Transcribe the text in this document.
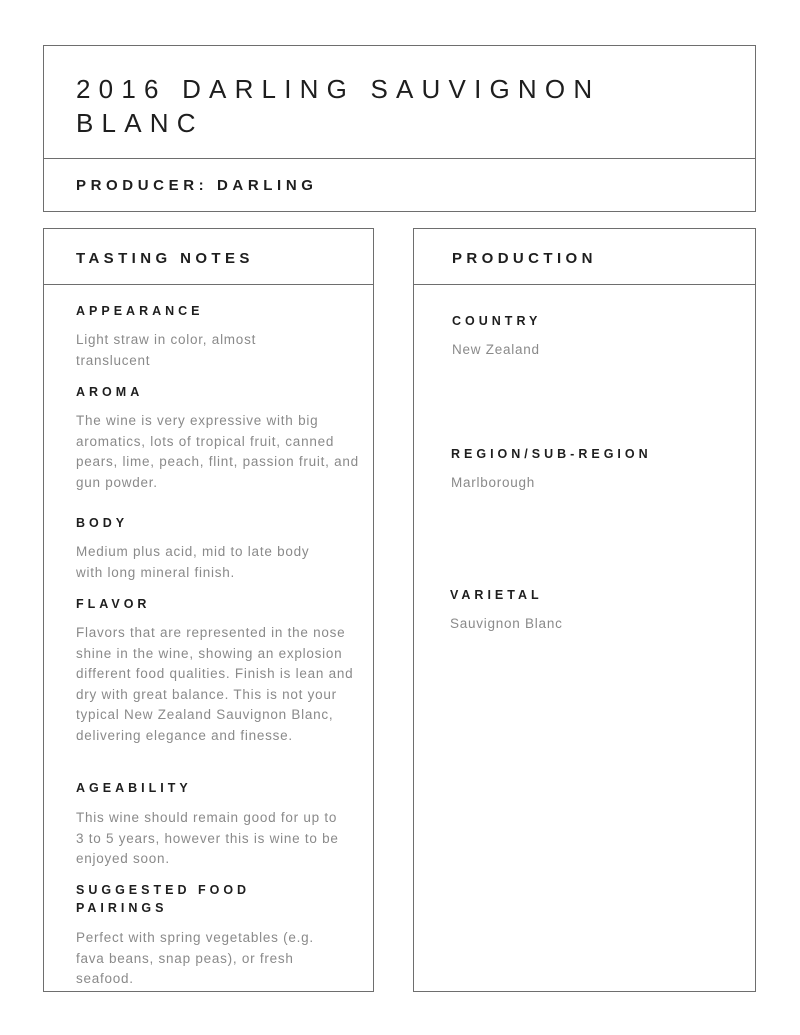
2016 DARLING SAUVIGNON BLANC
PRODUCER: DARLING
TASTING NOTES
APPEARANCE

Light straw in color, almost translucent

AROMA

The wine is very expressive with big aromatics, lots of tropical fruit, canned pears, lime, peach, flint, passion fruit, and gun powder.

BODY

Medium plus acid, mid to late body with long mineral finish.

FLAVOR

Flavors that are represented in the nose shine in the wine, showing an explosion different food qualities. Finish is lean and dry with great balance. This is not your typical New Zealand Sauvignon Blanc, delivering elegance and finesse.

AGEABILITY

This wine should remain good for up to 3 to 5 years, however this is wine to be enjoyed soon.

SUGGESTED FOOD PAIRINGS

Perfect with spring vegetables (e.g. fava beans, snap peas), or fresh seafood.

PRODUCTION
COUNTRY

New Zealand

REGION/SUB-REGION

Marlborough

VARIETAL

Sauvignon Blanc
